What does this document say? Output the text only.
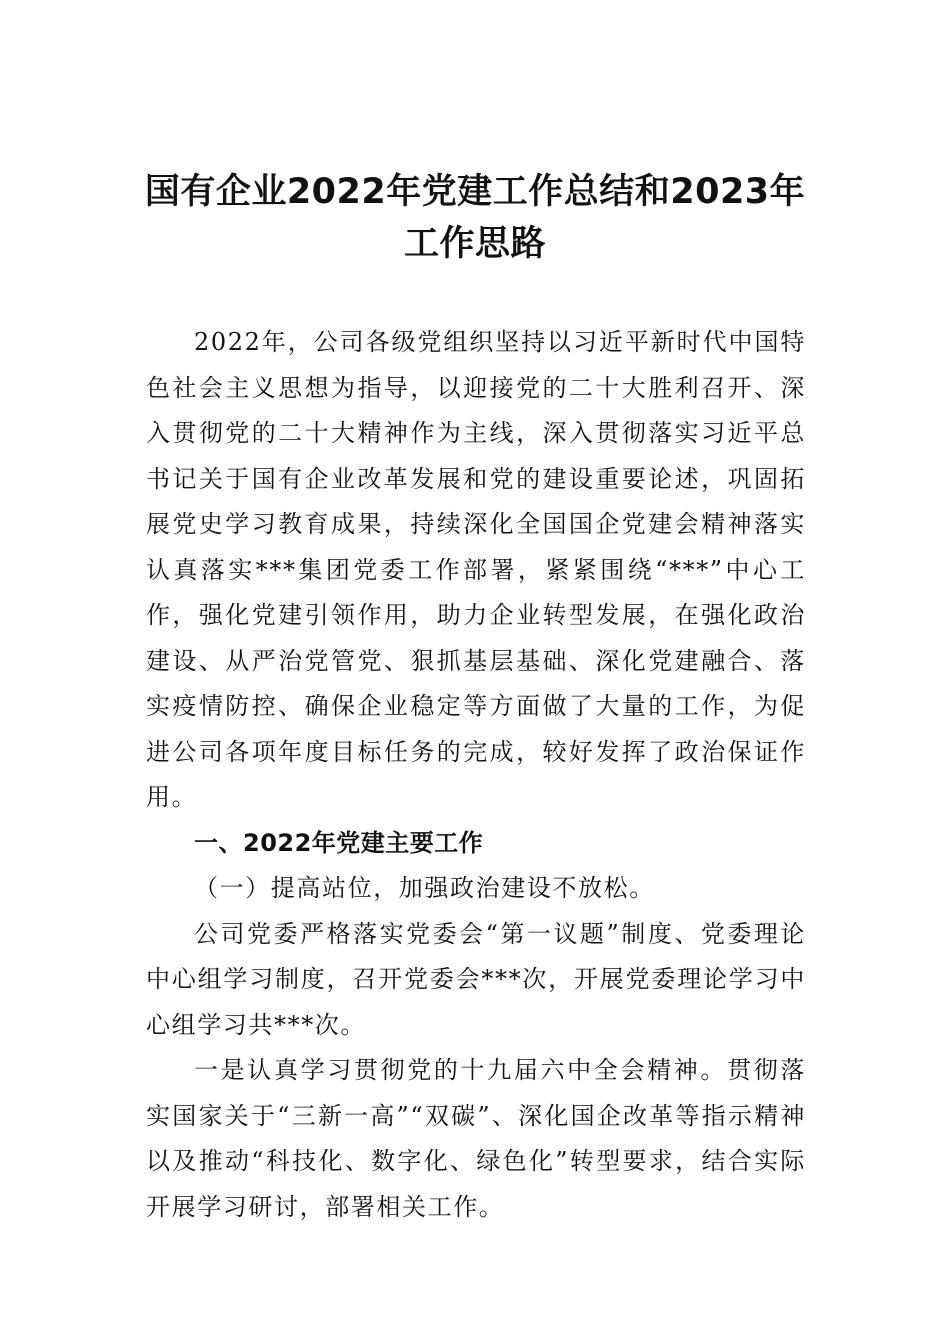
国有企业2022年党建工作总结和2023年工作思路

2022年，公司各级党组织坚持以习近平新时代中国特色社会主义思想为指导，以迎接党的二十大胜利召开、深入贯彻党的二十大精神作为主线，深入贯彻落实习近平总书记关于国有企业改革发展和党的建设重要论述，巩固拓展党史学习教育成果，持续深化全国国企党建会精神落实认真落实***集团党委工作部署，紧紧围绕“***”中心工作，强化党建引领作用，助力企业转型发展，在强化政治建设、从严治党管党、狠抓基层基础、深化党建融合、落实疫情防控、确保企业稳定等方面做了大量的工作，为促进公司各项年度目标任务的完成，较好发挥了政治保证作用。

一、2022年党建主要工作

（一）提高站位，加强政治建设不放松。

公司党委严格落实党委会“第一议题”制度、党委理论中心组学习制度，召开党委会***次，开展党委理论学习中心组学习共***次。

一是认真学习贯彻党的十九届六中全会精神。贯彻落实国家关于“三新一高”“双碳”、深化国企改革等指示精神以及推动“科技化、数字化、绿色化”转型要求，结合实际开展学习研讨，部署相关工作。
